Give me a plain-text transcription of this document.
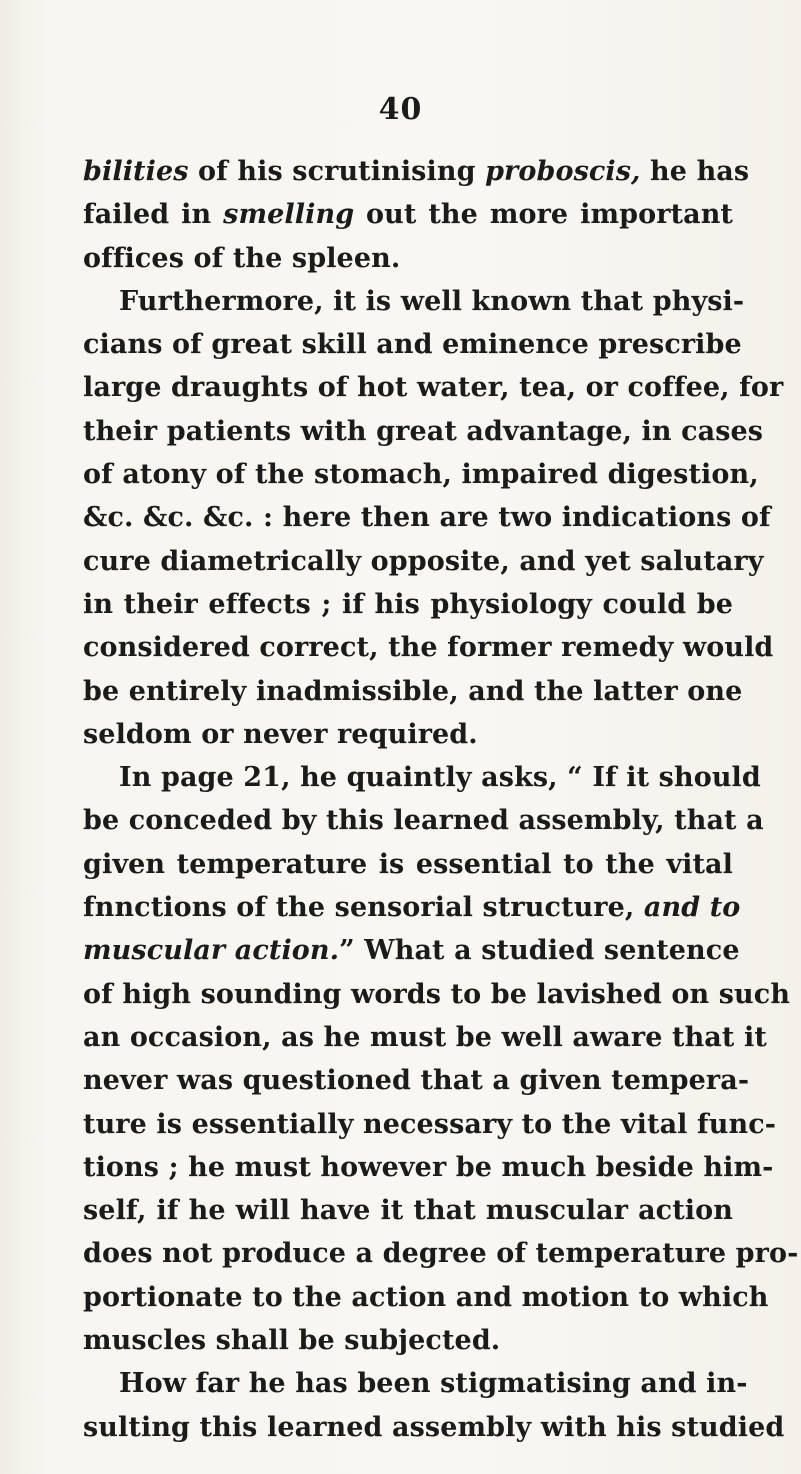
40
bilities of his scrutinising proboscis, he has
failed in smelling out the more important
offices of the spleen.
Furthermore, it is well known that physi-
cians of great skill and eminence prescribe
large draughts of hot water, tea, or coffee, for
their patients with great advantage, in cases
of atony of the stomach, impaired digestion,
&c. &c. &c. : here then are two indications of
cure diametrically opposite, and yet salutary
in their effects ; if his physiology could be
considered correct, the former remedy would
be entirely inadmissible, and the latter one
seldom or never required.
In page 21, he quaintly asks, “ If it should
be conceded by this learned assembly, that a
given temperature is essential to the vital
fnnctions of the sensorial structure, and to
muscular action.” What a studied sentence
of high sounding words to be lavished on such
an occasion, as he must be well aware that it
never was questioned that a given tempera-
ture is essentially necessary to the vital func-
tions ; he must however be much beside him-
self, if he will have it that muscular action
does not produce a degree of temperature pro-
portionate to the action and motion to which
muscles shall be subjected.
How far he has been stigmatising and in-
sulting this learned assembly with his studied
